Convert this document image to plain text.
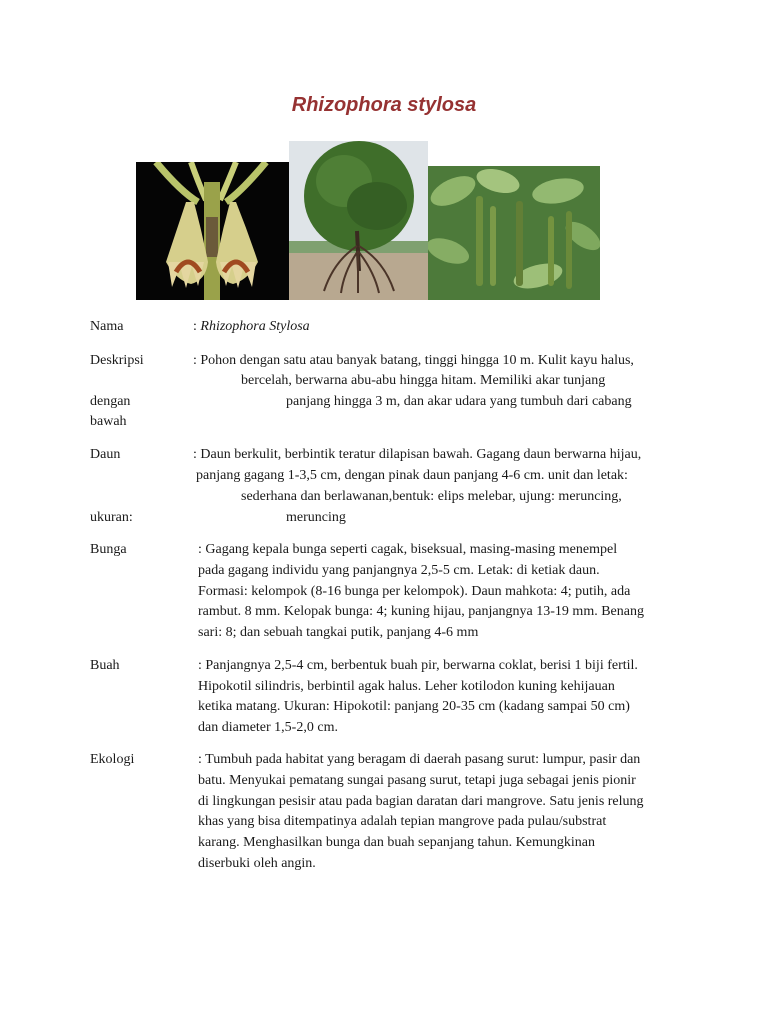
Rhizophora stylosa
Nama	: Rhizophora Stylosa
Deskripsi	: Pohon dengan satu atau banyak batang, tinggi hingga 10 m. Kulit kayu halus,
bercelah, berwarna abu-abu hingga hitam. Memiliki akar tunjang
dengan	panjang hingga 3 m, dan akar udara yang tumbuh dari cabang
bawah
Daun	: Daun berkulit, berbintik teratur dilapisan bawah. Gagang daun berwarna hijau,
panjang gagang 1-3,5 cm, dengan pinak daun panjang 4-6 cm. unit dan letak:
sederhana dan berlawanan,bentuk: elips melebar, ujung: meruncing,
ukuran:	meruncing
Bunga	: Gagang kepala bunga seperti cagak, biseksual, masing-masing menempel
pada gagang individu yang panjangnya 2,5-5 cm. Letak: di ketiak daun.
Formasi: kelompok (8-16 bunga per kelompok). Daun mahkota: 4; putih, ada
rambut. 8 mm. Kelopak bunga: 4; kuning hijau, panjangnya 13-19 mm. Benang
sari: 8; dan sebuah tangkai putik, panjang 4-6 mm
Buah	: Panjangnya 2,5-4 cm, berbentuk buah pir, berwarna coklat, berisi 1 biji fertil.
Hipokotil silindris, berbintil agak halus. Leher kotilodon kuning kehijauan
ketika matang. Ukuran: Hipokotil: panjang 20-35 cm (kadang sampai 50 cm)
dan diameter 1,5-2,0 cm.
Ekologi	: Tumbuh pada habitat yang beragam di daerah pasang surut: lumpur, pasir dan
batu. Menyukai pematang sungai pasang surut, tetapi juga sebagai jenis pionir
di lingkungan pesisir atau pada bagian daratan dari mangrove. Satu jenis relung
khas yang bisa ditempatinya adalah tepian mangrove pada pulau/substrat
karang. Menghasilkan bunga dan buah sepanjang tahun. Kemungkinan
diserbuki oleh angin.
